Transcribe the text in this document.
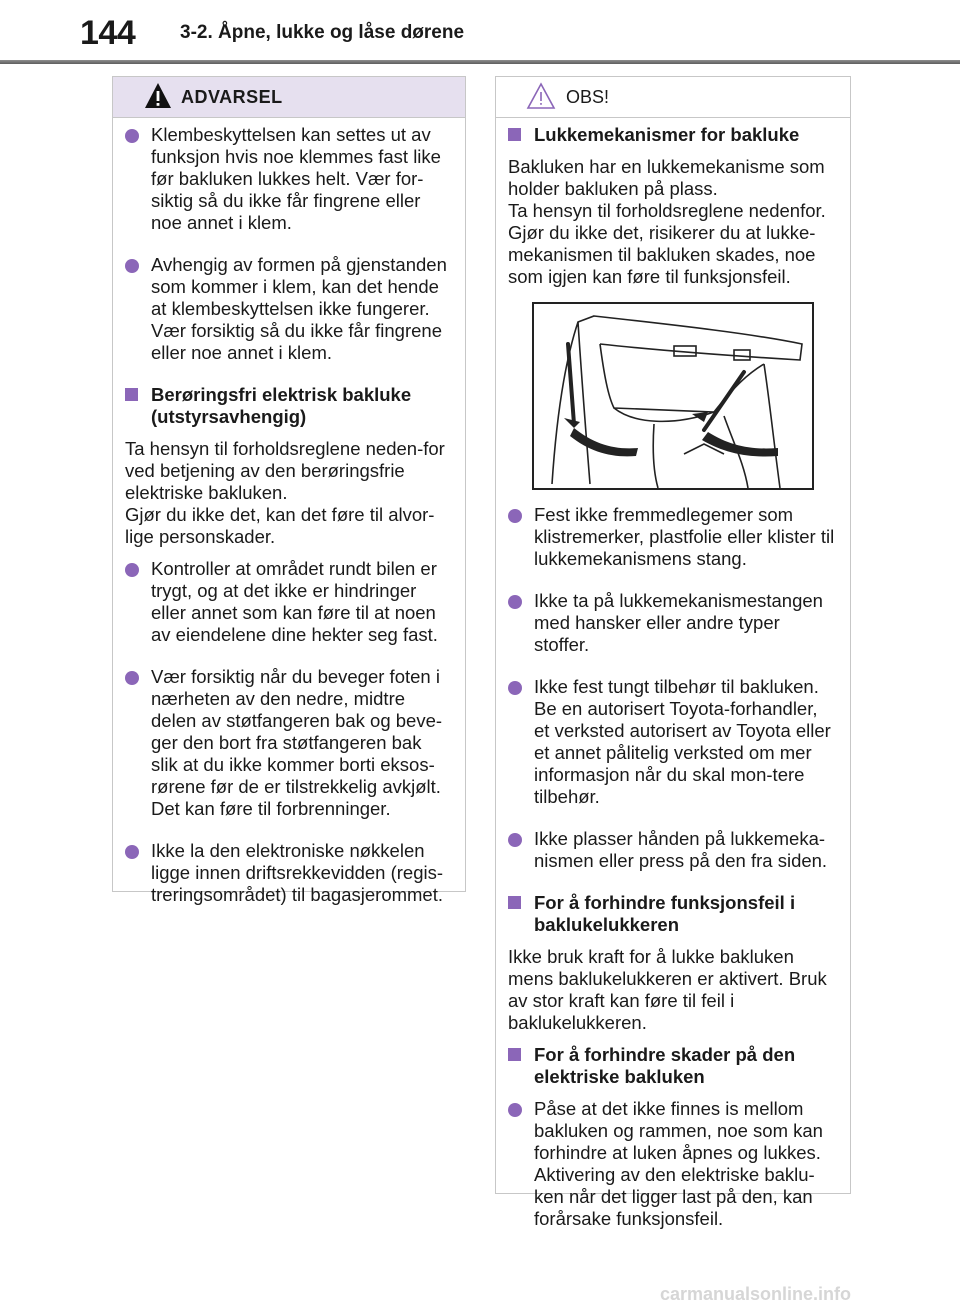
144 3-2. Åpne, lukke og låse dørene
ADVARSEL
Klembeskyttelsen kan settes ut av funksjon hvis noe klemmes fast like før bakluken lukkes helt. Vær for-siktig så du ikke får fingrene eller noe annet i klem.
Avhengig av formen på gjenstanden som kommer i klem, kan det hende at klembeskyttelsen ikke fungerer. Vær forsiktig så du ikke får fingrene eller noe annet i klem.
Berøringsfri elektrisk bakluke (utstyrsavhengig)
Ta hensyn til forholdsreglene neden-for ved betjening av den berøringsfrie elektriske bakluken.
Gjør du ikke det, kan det føre til alvor-lige personskader.
Kontroller at området rundt bilen er trygt, og at det ikke er hindringer eller annet som kan føre til at noen av eiendelene dine hekter seg fast.
Vær forsiktig når du beveger foten i nærheten av den nedre, midtre delen av støtfangeren bak og beve-ger den bort fra støtfangeren bak slik at du ikke kommer borti eksos-rørene før de er tilstrekkelig avkjølt. Det kan føre til forbrenninger.
Ikke la den elektroniske nøkkelen ligge innen driftsrekkevidden (regis-treringsområdet) til bagasjerommet.
OBS!
Lukkemekanismer for bakluke
Bakluken har en lukkemekanisme som holder bakluken på plass.
Ta hensyn til forholdsreglene nedenfor. Gjør du ikke det, risikerer du at lukke-mekanismen til bakluken skades, noe som igjen kan føre til funksjonsfeil.
Fest ikke fremmedlegemer som klistremerker, plastfolie eller klister til lukkemekanismens stang.
Ikke ta på lukkemekanismestangen med hansker eller andre typer stoffer.
Ikke fest tungt tilbehør til bakluken. Be en autorisert Toyota-forhandler, et verksted autorisert av Toyota eller et annet pålitelig verksted om mer informasjon når du skal mon-tere tilbehør.
Ikke plasser hånden på lukkemeka-nismen eller press på den fra siden.
For å forhindre funksjonsfeil i baklukelukkeren
Ikke bruk kraft for å lukke bakluken mens baklukelukkeren er aktivert. Bruk av stor kraft kan føre til feil i baklukelukkeren.
For å forhindre skader på den elektriske bakluken
Påse at det ikke finnes is mellom bakluken og rammen, noe som kan forhindre at luken åpnes og lukkes. Aktivering av den elektriske baklu-ken når det ligger last på den, kan forårsake funksjonsfeil.
carmanualsonline.info
